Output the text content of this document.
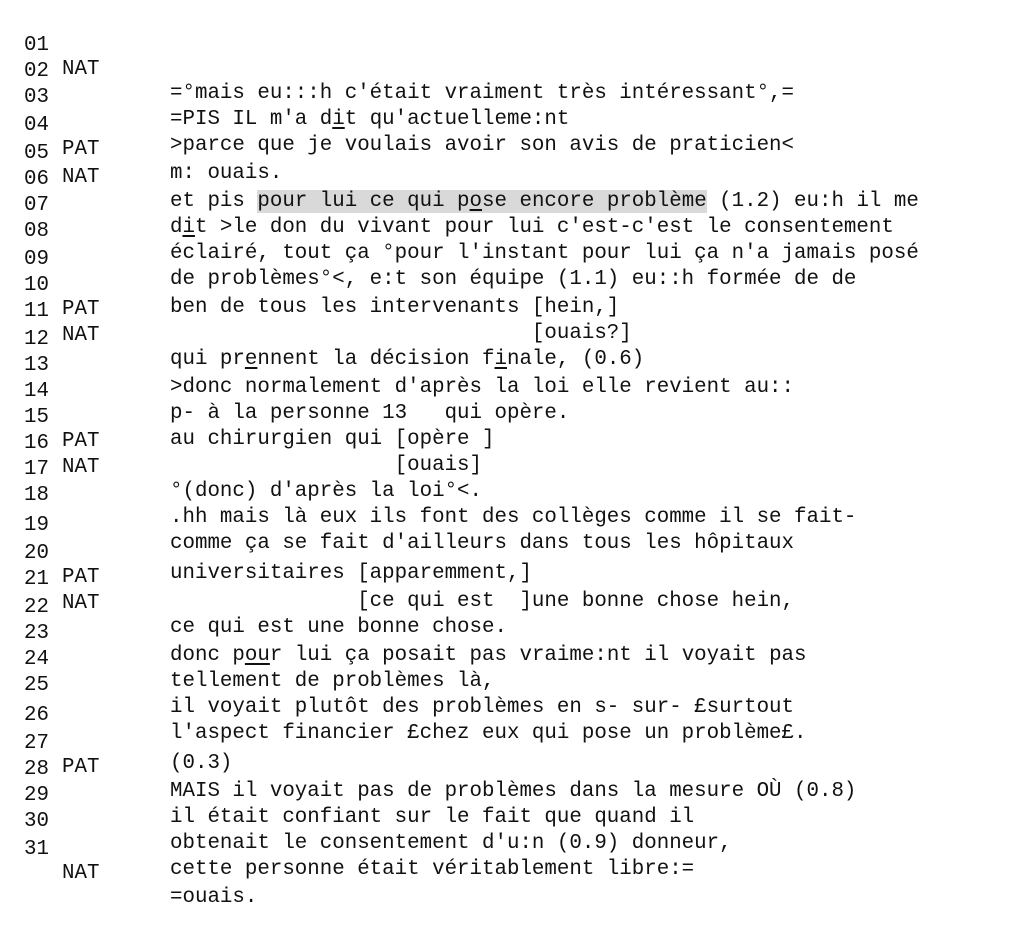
01

NAT

=°mais eu:::h c'était vraiment très intéressant°,=

02

=PIS IL m'a dit qu'actuelleme:nt

03

>parce que je voulais avoir son avis de praticien<

04

PAT

m: ouais.

05

NAT

et pis pour lui ce qui pose encore problème (1.2) eu:h il me

06

dit >le don du vivant pour lui c'est-c'est le consentement

07

éclairé, tout ça °pour l'instant pour lui ça n'a jamais posé

08

de problèmes°<, e:t son équipe (1.1) eu::h formée de de

09

ben de tous les intervenants [hein,]

10

PAT

[ouais?]

11

NAT

qui prennent la décision finale, (0.6)

12

>donc normalement d'après la loi elle revient au::

13

p- à la personne 13   qui opère.

14

au chirurgien qui [opère ]

15

PAT

[ouais]

16

NAT

°(donc) d'après la loi°<.

17

.hh mais là eux ils font des collèges comme il se fait-

18

comme ça se fait d'ailleurs dans tous les hôpitaux

19

universitaires [apparemment,]

20

PAT

[ce qui est  ]une bonne chose hein,

21

NAT

ce qui est une bonne chose.

22

donc pour lui ça posait pas vraime:nt il voyait pas

23

tellement de problèmes là,

24

il voyait plutôt des problèmes en s- sur- £surtout

25

l'aspect financier £chez eux qui pose un problème£.

26

(0.3)

27

PAT

MAIS il voyait pas de problèmes dans la mesure OÙ (0.8)

28

il était confiant sur le fait que quand il

29

obtenait le consentement d'u:n (0.9) donneur,

30

cette personne était véritablement libre:=

31

NAT

=ouais.
